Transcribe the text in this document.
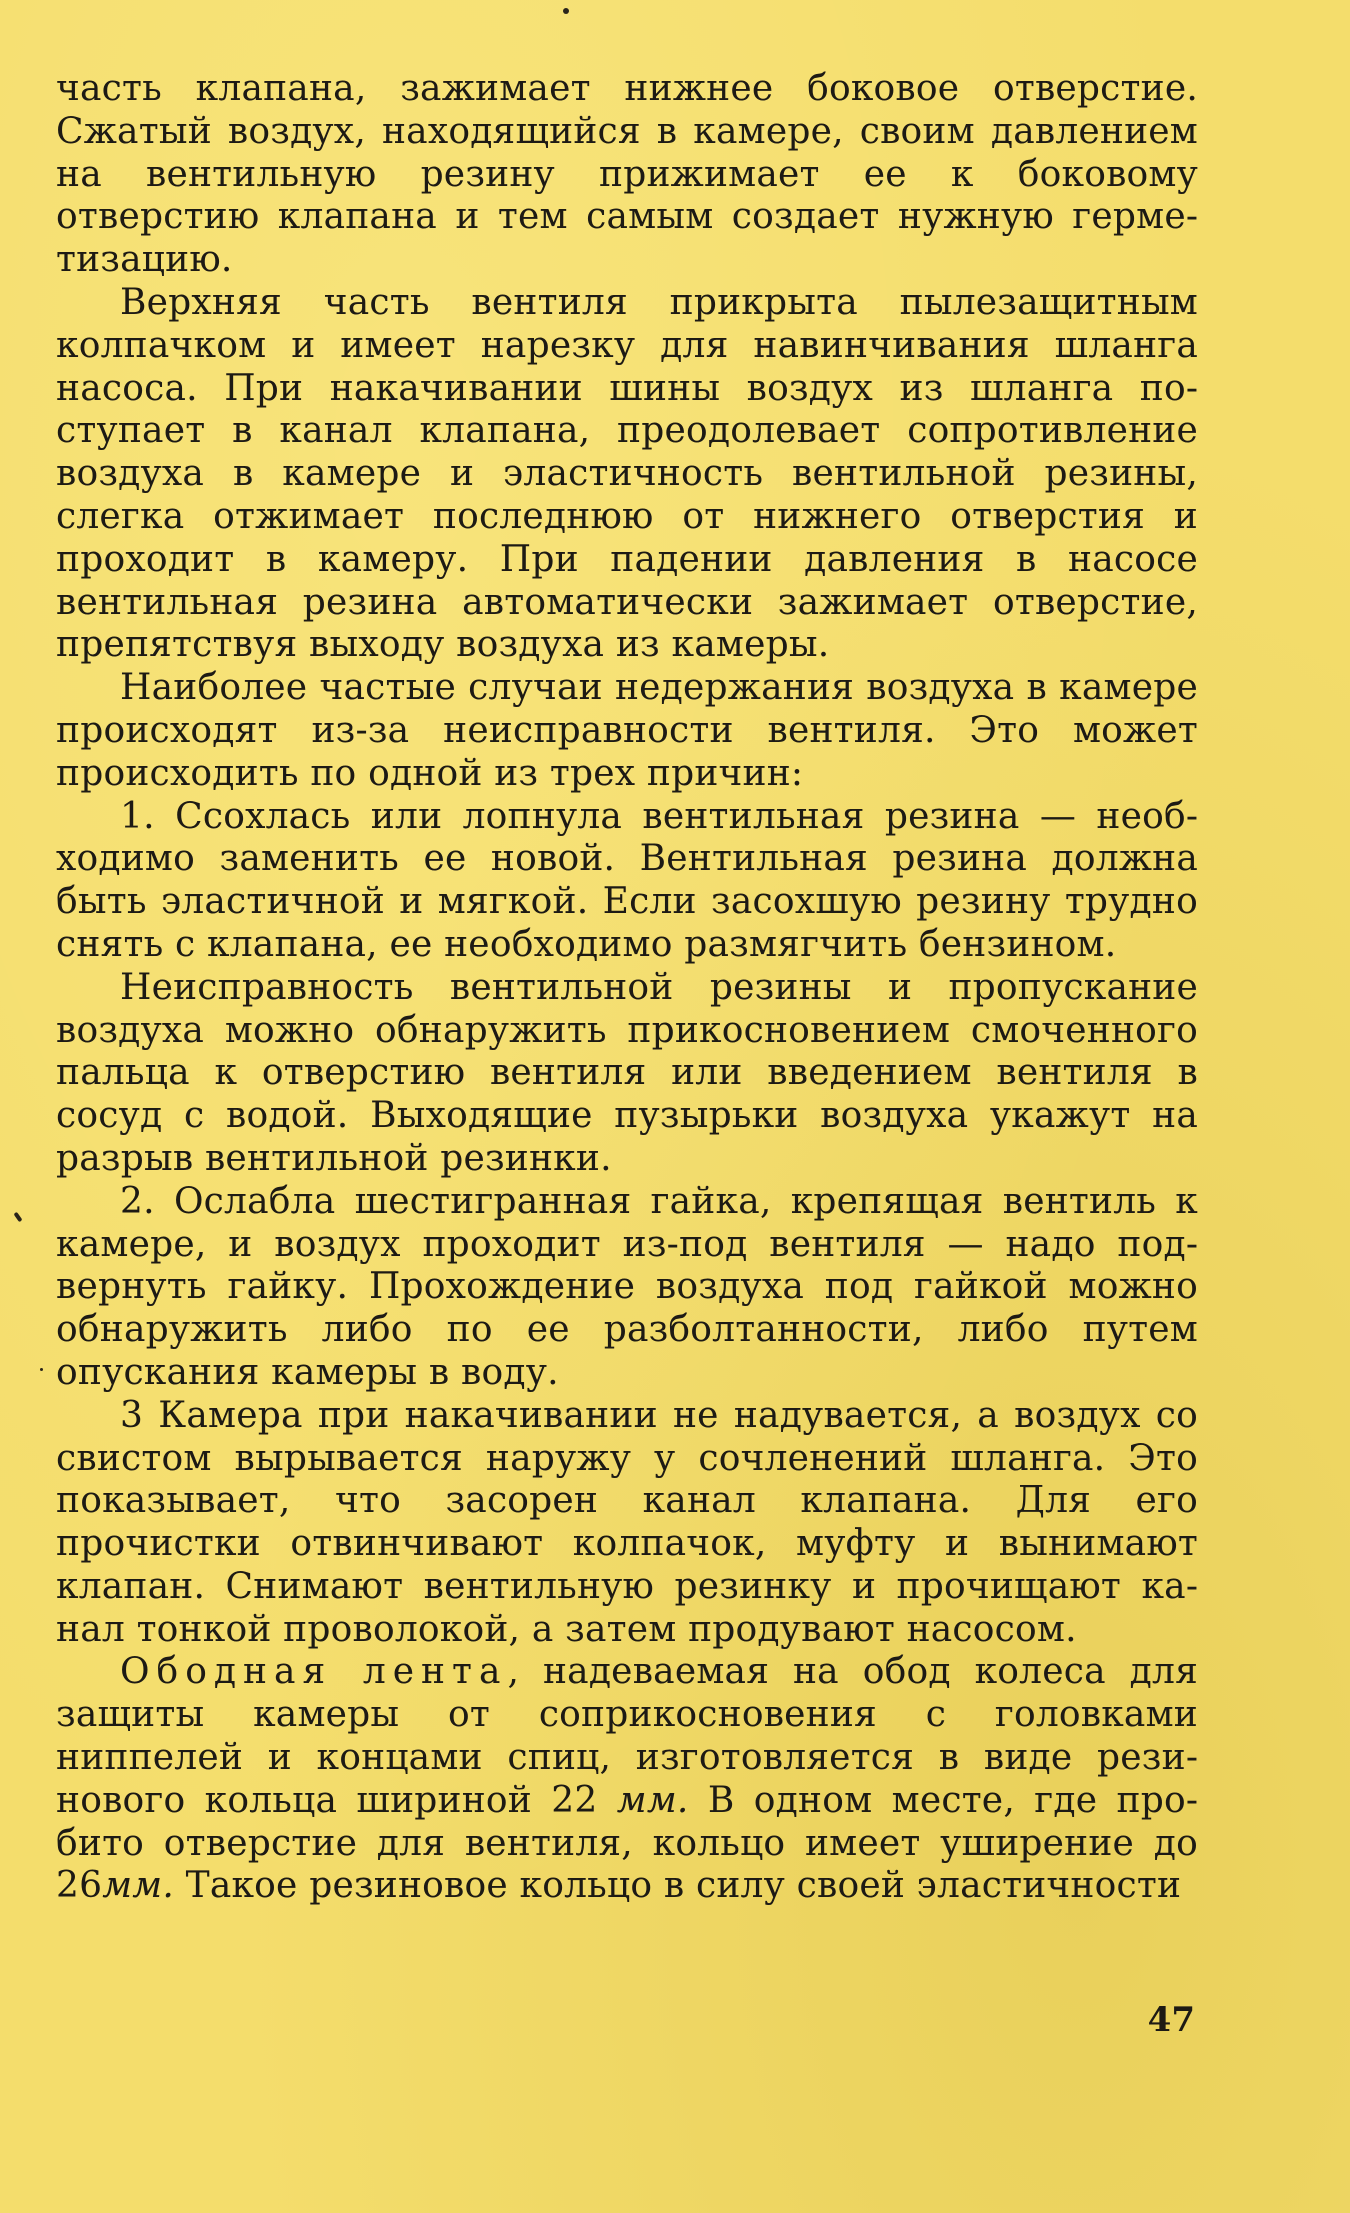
часть клапана, зажимает нижнее боковое отверстие. Сжатый воздух, находящийся в камере, своим давлением на вентильную резину прижимает ее к боковому отверстию клапана и тем самым создает нужную герметизацию.

Верхняя часть вентиля прикрыта пылезащитным колпачком и имеет нарезку для навинчивания шланга насоса. При накачивании шины воздух из шланга поступает в канал клапана, преодолевает сопротивление воздуха в камере и эластичность вентильной резины, слегка отжимает последнюю от нижнего отверстия и проходит в камеру. При падении давления в насосе вентильная резина автоматически зажимает отверстие, препятствуя выходу воздуха из камеры.

Наиболее частые случаи недержания воздуха в камере происходят из-за неисправности вентиля. Это может происходить по одной из трех причин:

1. Ссохлась или лопнула вентильная резина — необходимо заменить ее новой. Вентильная резина должна быть эластичной и мягкой. Если засохшую резину трудно снять с клапана, ее необходимо размягчить бензином.

Неисправность вентильной резины и пропускание воздуха можно обнаружить прикосновением смоченного пальца к отверстию вентиля или введением вентиля в сосуд с водой. Выходящие пузырьки воздуха укажут на разрыв вентильной резинки.

2. Ослабла шестигранная гайка, крепящая вентиль к камере, и воздух проходит из-под вентиля — надо подвернуть гайку. Прохождение воздуха под гайкой можно обнаружить либо по ее разболтанности, либо путем опускания камеры в воду.

3 Камера при накачивании не надувается, а воздух со свистом вырывается наружу у сочленений шланга. Это показывает, что засорен канал клапана. Для его прочистки отвинчивают колпачок, муфту и вынимают клапан. Снимают вентильную резинку и прочищают канал тонкой проволокой, а затем продувают насосом.

Ободная лента, надеваемая на обод колеса для защиты камеры от соприкосновения с головками ниппелей и концами спиц, изготовляется в виде резинового кольца шириной 22 мм. В одном месте, где пробито отверстие для вентиля, кольцо имеет уширение до 26мм. Такое резиновое кольцо в силу своей эластичности

47
